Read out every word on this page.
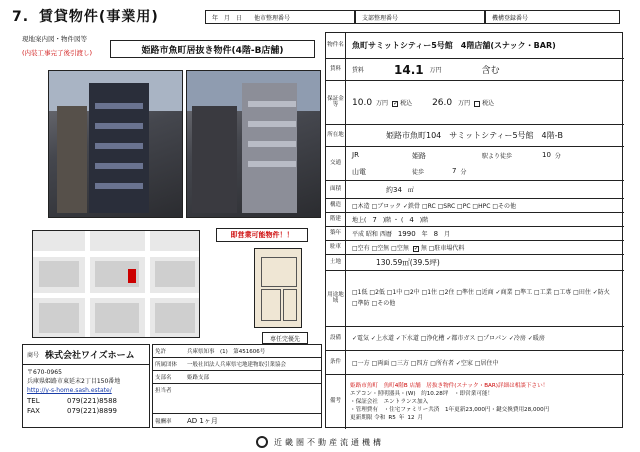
7. 賃貸物件(事業用)	年　月　日	他市整理番号	支部整理番号	機構登録番号
現地案内図・物件図等
(内装工事完了後引渡し)	姫路市魚町居抜き物件(4階-B店舗)
即営業可能物件！！
専任完優先
商号 株式会社ワイズホーム
〒670-0965
兵庫県姫路市東延末2丁目150番地
http://y-s-home.sash.estate/
TEL	079(221)8588
FAX	079(221)8899
免許	兵庫県知事　(1)　第451606号
所属団体	一般社団法人兵庫県宅地建物取引業協会
支部名	姫路支部
担当者
報酬率	AD 1ヶ月
物件名	魚町サミットシティー5号館　4階店舗(スナック・BAR)
賃料	賃料	14.1	万円	含む
保証金等	10.0 万円 ✓ 税込	26.0	万円 税込
所在地	姫路市魚町104　サミットシティー5号館　4階-B
交通
JR	姫路	駅より徒歩	10 分
山電	徒歩	7 分
面積	約34	㎡
構造	□木造 □ブロック ✓鉄骨 □RC □SRC □PC □HPC □その他
階建	地上( 7	)階 ・ ( 4	)階
築年	平成 昭和 西暦 1990	年 8	月
駐車	□空有 □空無 □空無 ✓ 無 □駐車場代料
土地	130.59㎡(39.5坪)
用途地域
□1低 □2低 □1中 □2中 □1住 □2住 □準住 □近商 ✓商業 □準工 □工業 □工専 □田住 ✓防火 □準防 □その他
設備	✓電気 ✓上水道 ✓下水道 □浄化槽 ✓都市ガス □プロパン ✓冷房 ✓暖房
条件	□一方 □両面 □三方 □四方 □所有者 ✓空家 □居住中
備考
姫路市魚町　魚町4階B 店舗　居抜き物件(スナック・BAR)詳細は相談下さい！
エアコン・照明器具・(W)　約10.28坪　・即営業可能！
・保証会社　エントランス加入
・管理費有　・住宅ファミリー共済　1年更新23,000円・鍵交換費用28,000円
更新期限 令和 R5 年 12 月
近畿圏不動産流通機構
